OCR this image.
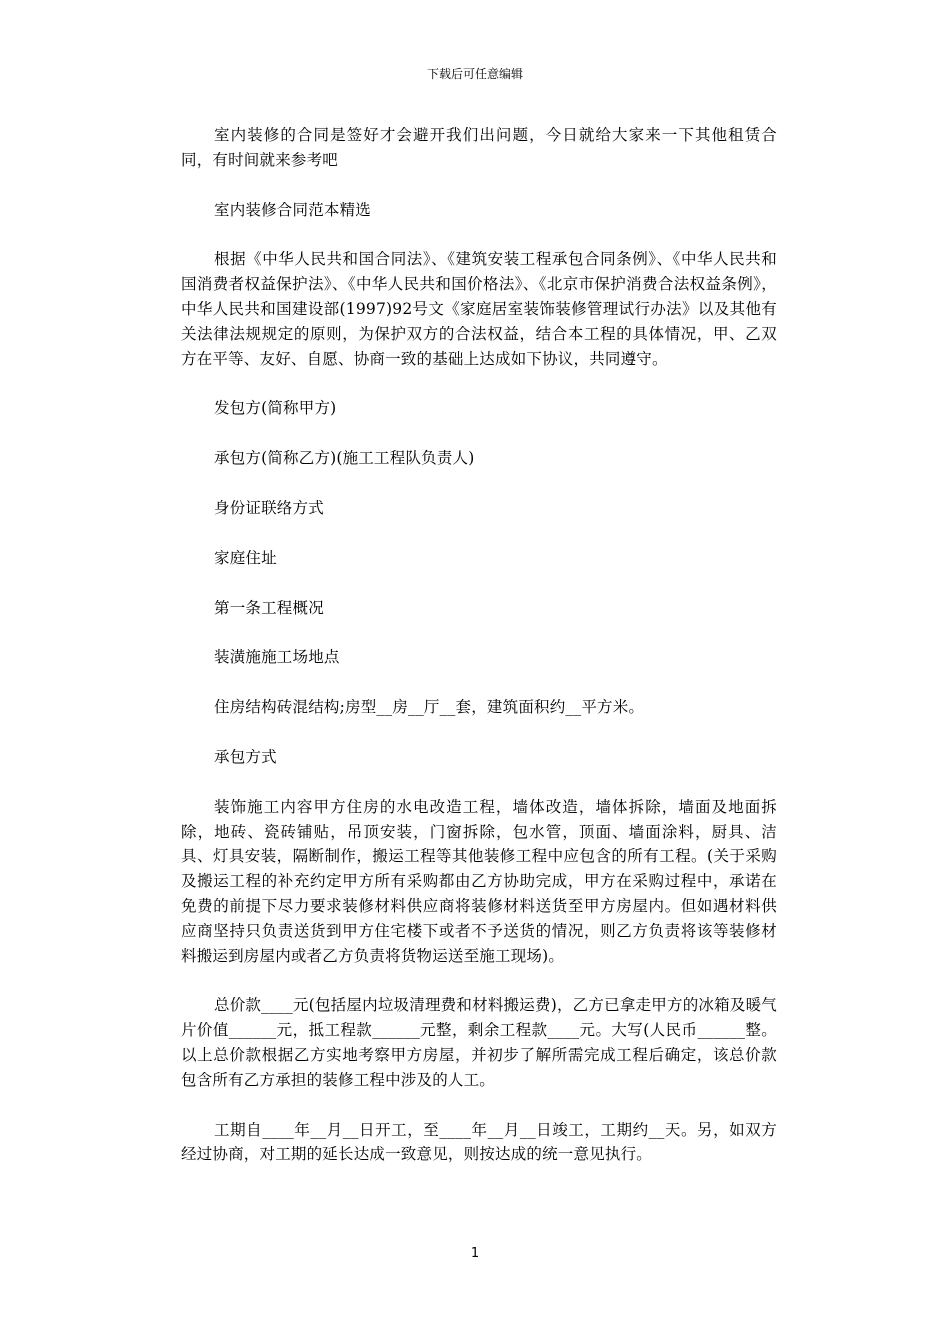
下载后可任意编辑

室内装修的合同是签好才会避开我们出问题，今日就给大家来一下其他租赁合同，有时间就来参考吧

室内装修合同范本精选

根据《中华人民共和国合同法》、《建筑安装工程承包合同条例》、《中华人民共和国消费者权益保护法》、《中华人民共和国价格法》、《北京市保护消费合法权益条例》，中华人民共和国建设部(1997)92号文《家庭居室装饰装修管理试行办法》以及其他有关法律法规规定的原则，为保护双方的合法权益，结合本工程的具体情况，甲、乙双方在平等、友好、自愿、协商一致的基础上达成如下协议，共同遵守。

发包方(简称甲方)

承包方(简称乙方)(施工工程队负责人)

身份证联络方式

家庭住址

第一条工程概况

装潢施施工场地点

住房结构砖混结构;房型__房__厅__套，建筑面积约__平方米。

承包方式

装饰施工内容甲方住房的水电改造工程，墙体改造，墙体拆除，墙面及地面拆除，地砖、瓷砖铺贴，吊顶安装，门窗拆除，包水管，顶面、墙面涂料，厨具、洁具、灯具安装，隔断制作，搬运工程等其他装修工程中应包含的所有工程。(关于采购及搬运工程的补充约定甲方所有采购都由乙方协助完成，甲方在采购过程中，承诺在免费的前提下尽力要求装修材料供应商将装修材料送货至甲方房屋内。但如遇材料供应商坚持只负责送货到甲方住宅楼下或者不予送货的情况，则乙方负责将该等装修材料搬运到房屋内或者乙方负责将货物运送至施工现场)。

总价款____元(包括屋内垃圾清理费和材料搬运费)，乙方已拿走甲方的冰箱及暖气片价值______元，抵工程款______元整，剩余工程款____元。大写(人民币______整。以上总价款根据乙方实地考察甲方房屋，并初步了解所需完成工程后确定，该总价款包含所有乙方承担的装修工程中涉及的人工。

工期自____年__月__日开工，至____年__月__日竣工，工期约__天。另，如双方经过协商，对工期的延长达成一致意见，则按达成的统一意见执行。

1
